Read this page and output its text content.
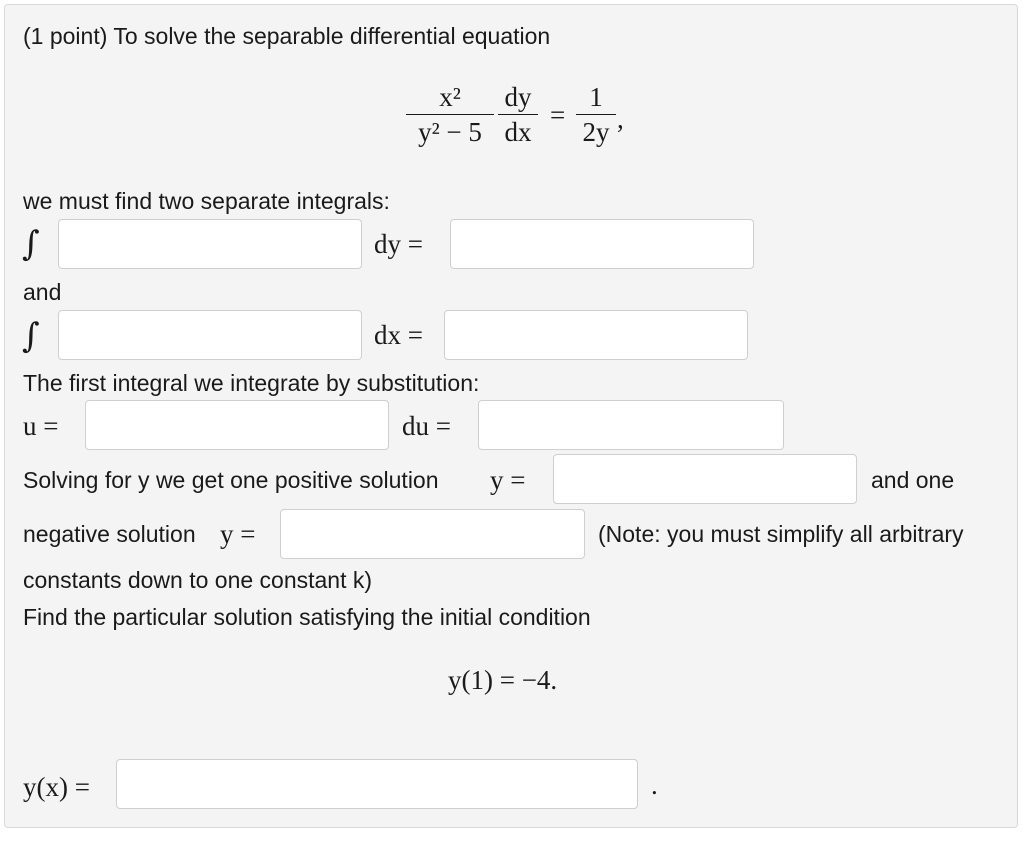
(1 point) To solve the separable differential equation
x²
y² − 5
dy
dx
=
1
2y ,
we must find two separate integrals:
∫	dy =
and
∫	dx =
The first integral we integrate by substitution:
u =	du =
Solving for y we get one positive solution y =	and one
negative solution y =	(Note: you must simplify all arbitrary
constants down to one constant k)
Find the particular solution satisfying the initial condition
y(1) = −4.
y(x) =	.
